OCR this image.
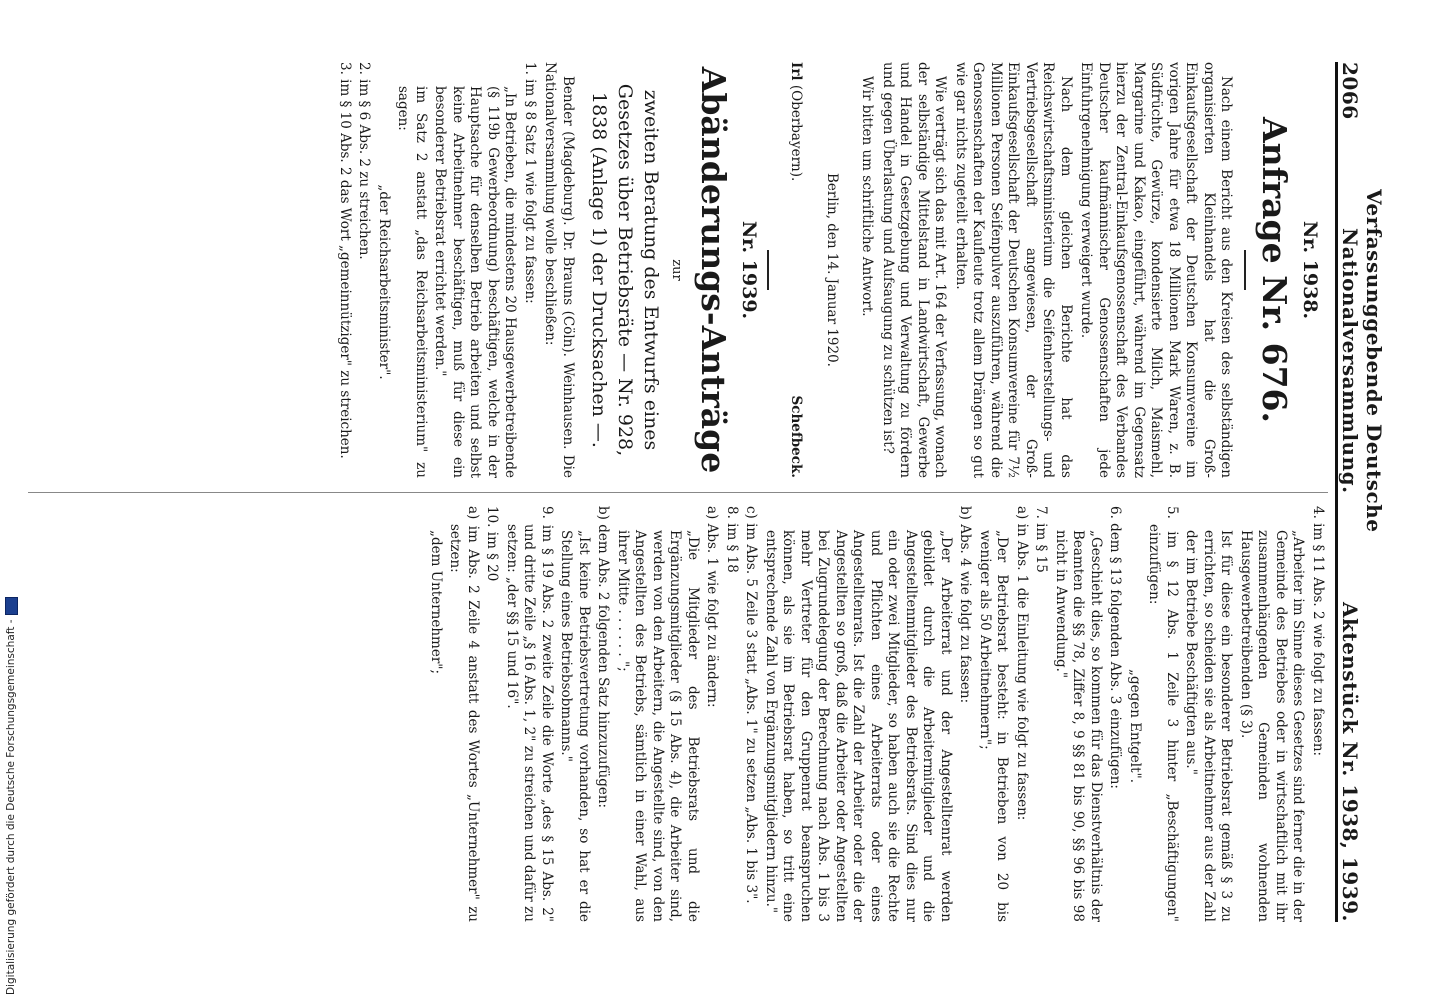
2066
Verfassunggebende Deutsche Nationalversammlung.
Aktenstück Nr. 1938, 1939.
Nr. 1938.
Anfrage Nr. 676.

Nach einem Bericht aus den Kreisen des selbständigen organisierten Kleinhandels hat die Groß-Einkaufsgesellschaft der Deutschen Konsumvereine im vorigen Jahre für etwa 18 Millionen Mark Waren, z. B. Südfrüchte, Gewürze, kondensierte Milch, Maismehl, Margarine und Kakao, eingeführt, während im Gegensatz hierzu der Zentral-Einkaufsgenossenschaft des Verbandes Deutscher kaufmännischer Genossenschaften jede Einfuhrgenehmigung verweigert wurde.

Nach dem gleichen Berichte hat das Reichswirtschaftsministerium die Seifenherstellungs- und Vertriebsgesellschaft angewiesen, der Groß-Einkaufsgesellschaft der Deutschen Konsumvereine für 7½ Millionen Personen Seifenpulver auszuführen, während die Genossenschaften der Kaufleute trotz allem Drängen so gut wie gar nichts zugeteilt erhalten.

Wie verträgt sich das mit Art. 164 der Verfassung, wonach der selbständige Mittelstand in Landwirtschaft, Gewerbe und Handel in Gesetzgebung und Verwaltung zu fördern und gegen Überlastung und Aufsaugung zu schützen ist?

Wir bitten um schriftliche Antwort.

Berlin, den 14. Januar 1920.
Irl (Oberbayern).
Schefbeck.
Nr. 1939.
Abänderungs-Anträge
zur
zweiten Beratung des Entwurfs eines Gesetzes über Betriebsräte — Nr. 928, 1838 (Anlage 1) der Drucksachen —.

Bender (Magdeburg). Dr. Brauns (Cöln). Weinhausen. Die Nationalversammlung wolle beschließen:

1. im § 8 Satz 1 wie folgt zu fassen:
„In Betrieben, die mindestens 20 Hausgewerbetreibende (§ 119b Gewerbeordnung) beschäftigen, welche in der Hauptsache für denselben Betrieb arbeiten und selbst keine Arbeitnehmer beschäftigen, muß für diese ein besonderer Betriebsrat errichtet werden."
im Satz 2 anstatt „das Reichsarbeitsministerium" zu sagen:
„der Reichsarbeitsminister".
2. im § 6 Abs. 2 zu streichen.
3. im § 10 Abs. 2 das Wort „gemeinnütziger" zu streichen.
4. im § 11 Abs. 2 wie folgt zu fassen:
„Arbeiter im Sinne dieses Gesetzes sind ferner die in der Gemeinde des Betriebes oder in wirtschaftlich mit ihr zusammenhängenden Gemeinden wohnenden Hausgewerbetreibenden (§ 3).
Ist für diese ein besonderer Betriebsrat gemäß § 3 zu errichten, so scheiden sie als Arbeitnehmer aus der Zahl der im Betriebe Beschäftigten aus."
5. im § 12 Abs. 1 Zeile 3 hinter „Beschäftigungen" einzufügen:
„gegen Entgelt".
6. dem § 13 folgenden Abs. 3 einzufügen:
„Geschieht dies, so kommen für das Dienstverhältnis der Beamten die §§ 78, Ziffer 8, 9 §§ 81 bis 90, §§ 96 bis 98 nicht in Anwendung."
7. im § 15
a) in Abs. 1 die Einleitung wie folgt zu fassen:
„Der Betriebsrat besteht: in Betrieben von 20 bis weniger als 50 Arbeitnehmern";
b) Abs. 4 wie folgt zu fassen:
„Der Arbeiterrat und der Angestelltenrat werden gebildet durch die Arbeitermitglieder und die Angestelltenmitglieder des Betriebsrats. Sind dies nur ein oder zwei Mitglieder, so haben auch sie die Rechte und Pflichten eines Arbeiterrats oder eines Angestelltenrats. Ist die Zahl der Arbeiter oder die der Angestellten so groß, daß die Arbeiter oder Angestellten bei Zugrundelegung der Berechnung nach Abs. 1 bis 3 mehr Vertreter für den Gruppenrat beanspruchen können, als sie im Betriebsrat haben, so tritt eine entsprechende Zahl von Ergänzungsmitgliedern hinzu."
c) im Abs. 5 Zeile 3 statt „Abs. 1" zu setzen „Abs. 1 bis 3".
8. im § 18
a) Abs. 1 wie folgt zu ändern:
„Die Mitglieder des Betriebsrats und die Ergänzungsmitglieder (§ 15 Abs. 4), die Arbeiter sind, werden von den Arbeitern, die Angestellte sind, von den Angestellten des Betriebs, sämtlich in einer Wahl, aus ihrer Mitte . . . . . . ";
b) dem Abs. 2 folgenden Satz hinzuzufügen:
„Ist keine Betriebsvertretung vorhanden, so hat er die Stellung eines Betriebsobmanns."
9. im § 19 Abs. 2 zweite Zeile die Worte „des § 15 Abs. 2" und dritte Zeile „§ 16 Abs. 1, 2" zu streichen und dafür zu setzen: „der §§ 15 und 16".
10. im § 20
a) im Abs. 2 Zeile 4 anstatt des Wortes „Unternehmer" zu setzen:
„dem Unternehmer";
Digitalisierung gefördert durch die Deutsche Forschungsgemeinschaft -
